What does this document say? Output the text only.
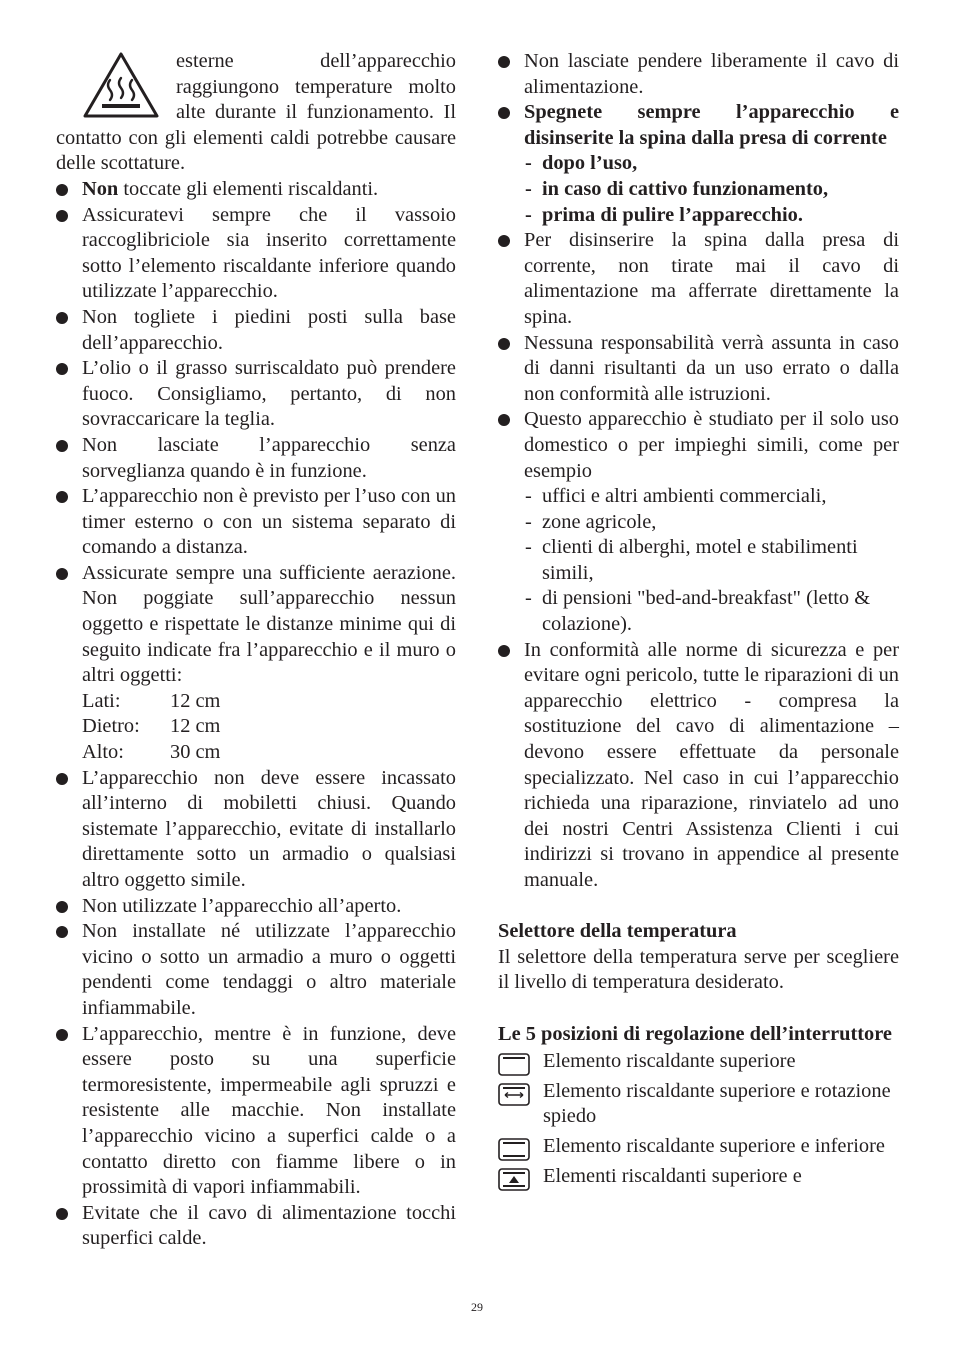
esterne dell’apparecchio raggiungono temperature molto alte durante il funzionamento. Il contatto con gli elementi caldi potrebbe causare delle scottature.
Non toccate gli elementi riscaldanti.
Assicuratevi sempre che il vassoio raccoglibriciole sia inserito correttamente sotto l’elemento riscaldante inferiore quando utilizzate l’apparecchio.
Non togliete i piedini posti sulla base dell’apparecchio.
L’olio o il grasso surriscaldato può prendere fuoco. Consigliamo, pertanto, di non sovraccaricare la teglia.
Non lasciate l’apparecchio senza sorveglianza quando è in funzione.
L’apparecchio non è previsto per l’uso con un timer esterno o con un sistema separato di comando a distanza.
Assicurate sempre una sufficiente aerazione. Non poggiate sull’apparecchio nessun oggetto e rispettate le distanze minime qui di seguito indicate fra l’apparecchio e il muro o altri oggetti:
Lati:	12 cm
Dietro:	12 cm
Alto:	30 cm
L’apparecchio non deve essere incassato all’interno di mobiletti chiusi. Quando sistemate l’apparecchio, evitate di installarlo direttamente sotto un armadio o qualsiasi altro oggetto simile.
Non utilizzate l’apparecchio all’aperto.
Non installate né utilizzate l’apparecchio vicino o sotto un armadio a muro o oggetti pendenti come tendaggi o altro materiale infiammabile.
L’apparecchio, mentre è in funzione, deve essere posto su una superficie termoresistente, impermeabile agli spruzzi e resistente alle macchie. Non installate l’apparecchio vicino a superfici calde o a contatto diretto con fiamme libere o in prossimità di vapori infiammabili.
Evitate che il cavo di alimentazione tocchi superfici calde.
Non lasciate pendere liberamente il cavo di alimentazione.
Spegnete sempre l’apparecchio e disinserite la spina dalla presa di corrente
- dopo l’uso,
- in caso di cattivo funzionamento,
- prima di pulire l’apparecchio.
Per disinserire la spina dalla presa di corrente, non tirate mai il cavo di alimentazione ma afferrate direttamente la spina.
Nessuna responsabilità verrà assunta in caso di danni risultanti da un uso errato o dalla non conformità alle istruzioni.
Questo apparecchio è studiato per il solo uso domestico o per impieghi simili, come per esempio
- uffici e altri ambienti commerciali,
- zone agricole,
- clienti di alberghi, motel e stabilimenti simili,
- di pensioni "bed-and-breakfast" (letto & colazione).
In conformità alle norme di sicurezza e per evitare ogni pericolo, tutte le riparazioni di un apparecchio elettrico - compresa la sostituzione del cavo di alimentazione – devono essere effettuate da personale specializzato. Nel caso in cui l’apparecchio richieda una riparazione, rinviatelo ad uno dei nostri Centri Assistenza Clienti i cui indirizzi si trovano in appendice al presente manuale.
Selettore della temperatura
Il selettore della temperatura serve per scegliere il livello di temperatura desiderato.
Le 5 posizioni di regolazione dell’interruttore
Elemento riscaldante superiore
Elemento riscaldante superiore e rotazione spiedo
Elemento riscaldante superiore e inferiore
Elementi riscaldanti superiore e
29
